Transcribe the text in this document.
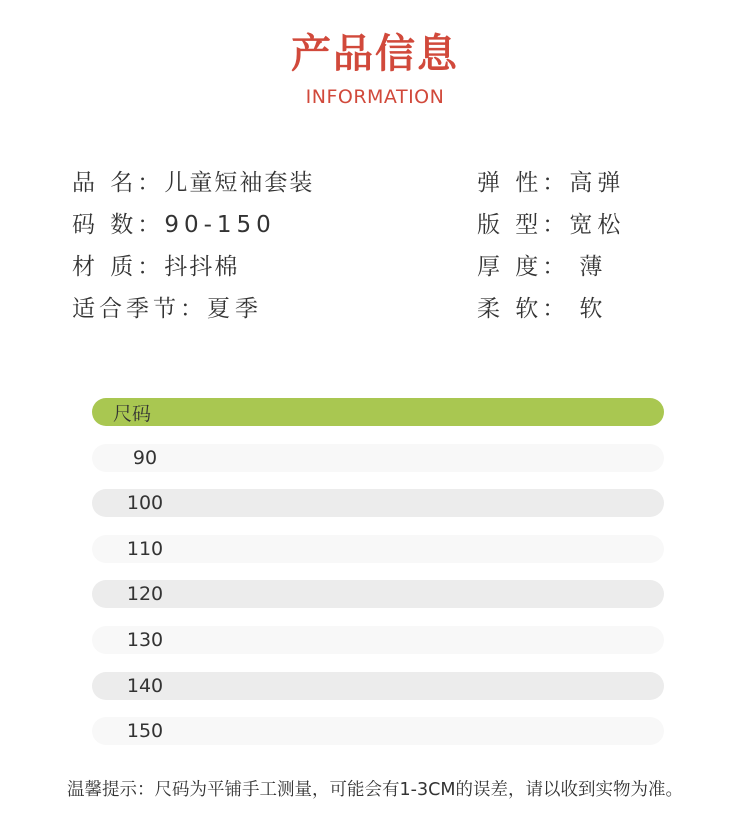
产品信息
INFORMATION
品 名：儿童短袖套装
码 数：90-150
材 质：抖抖棉
适合季节：夏季
弹 性：高弹
版 型：宽松
厚 度： 薄
柔 软： 软
尺码
90
100
110
120
130
140
150
温馨提示：尺码为平铺手工测量，可能会有1-3CM的误差，请以收到实物为准。
